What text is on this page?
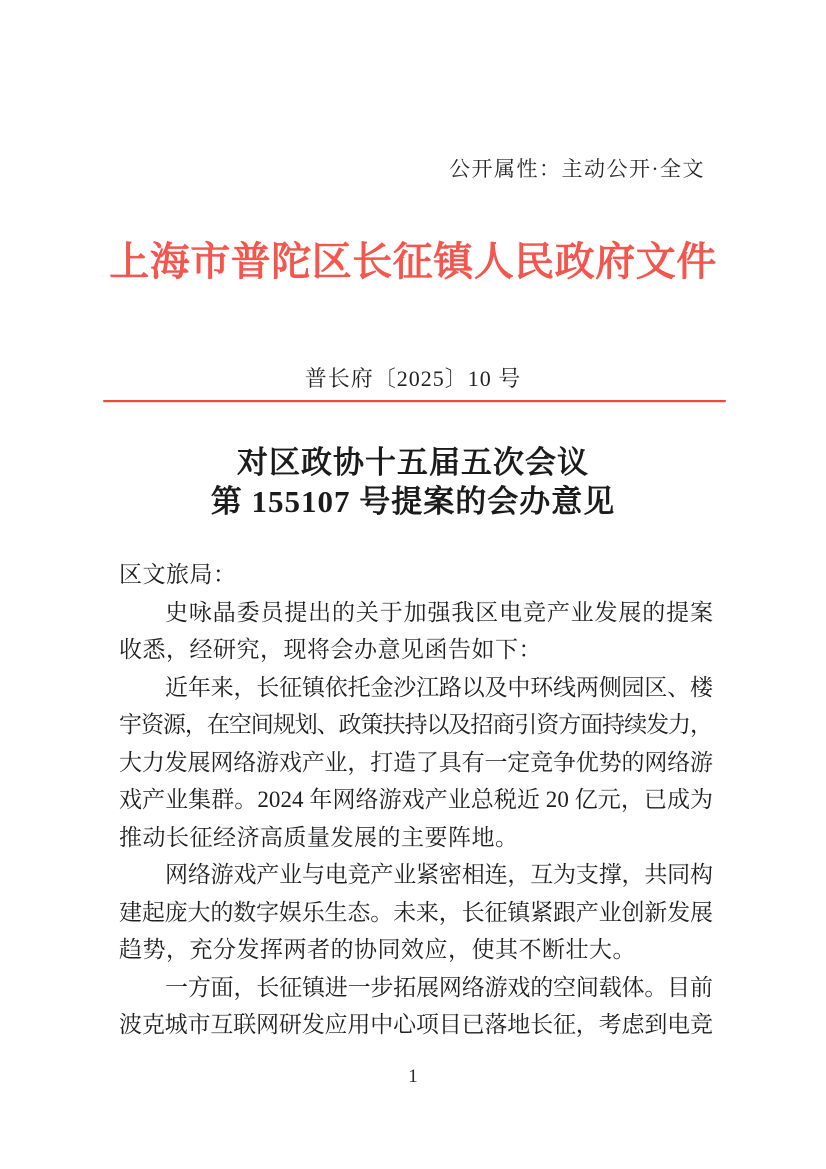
公开属性：主动公开·全文
上海市普陀区长征镇人民政府文件
普长府〔2025〕10 号
对区政协十五届五次会议
第 155107 号提案的会办意见
区文旅局：
史咏晶委员提出的关于加强我区电竞产业发展的提案
收悉，经研究，现将会办意见函告如下：
近年来，长征镇依托金沙江路以及中环线两侧园区、楼
宇资源，在空间规划、政策扶持以及招商引资方面持续发力，
大力发展网络游戏产业，打造了具有一定竞争优势的网络游
戏产业集群。2024 年网络游戏产业总税近 20 亿元，已成为
推动长征经济高质量发展的主要阵地。
网络游戏产业与电竞产业紧密相连，互为支撑，共同构
建起庞大的数字娱乐生态。未来，长征镇紧跟产业创新发展
趋势，充分发挥两者的协同效应，使其不断壮大。
一方面，长征镇进一步拓展网络游戏的空间载体。目前
波克城市互联网研发应用中心项目已落地长征，考虑到电竞
1
